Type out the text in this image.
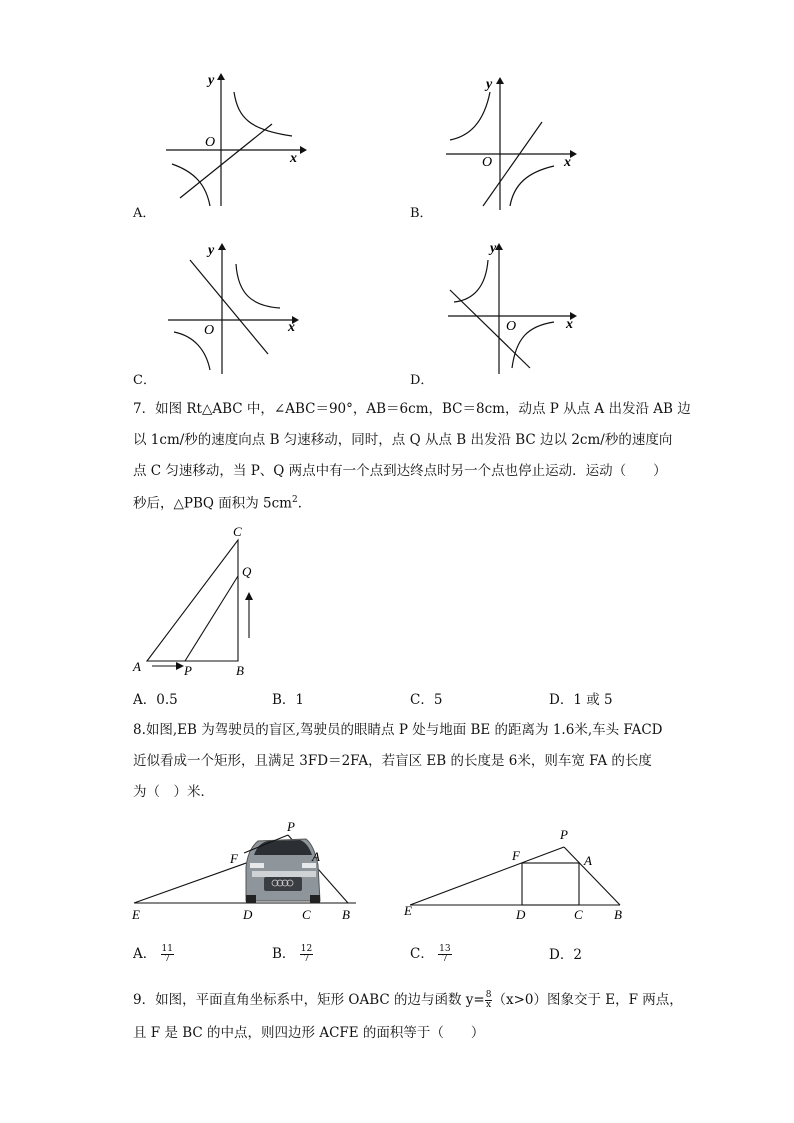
y
x
O
A．
y
x
O
B．
y
x
O
C．
y
x
O
D．
7．如图 Rt△ABC 中，∠ABC＝90°，AB＝6cm，BC＝8cm，动点 P 从点 A 出发沿 AB 边
以 1cm/秒的速度向点 B 匀速移动，同时，点 Q 从点 B 出发沿 BC 边以 2cm/秒的速度向
点 C 匀速移动，当 P、Q 两点中有一个点到达终点时另一个点也停止运动．运动（　　）
秒后，△PBQ 面积为 $5cm^2$．
C
Q
A	P	B
A．0.5	B．1	C．5	D．1 或 5
8.如图,EB 为驾驶员的盲区,驾驶员的眼睛点 P 处与地面 BE 的距离为 1.6米,车头 FACD
近似看成一个矩形，且满足 3FD＝2FA，若盲区 EB 的长度是 6米，则车宽 FA 的长度
为（　）米．
P
F	A
E	D	C B
P
F	A
E	D	C B
A． $\frac{11}{7}$	B． $\frac{12}{7}$	C． $\frac{13}{7}$	D．2
9．如图，平面直角坐标系中，矩形 OABC 的边与函数 $y= \frac{8}{x} (x>0)$图象交于 E，F 两点，
且 F 是 BC 的中点，则四边形 ACFE 的面积等于（　　）
